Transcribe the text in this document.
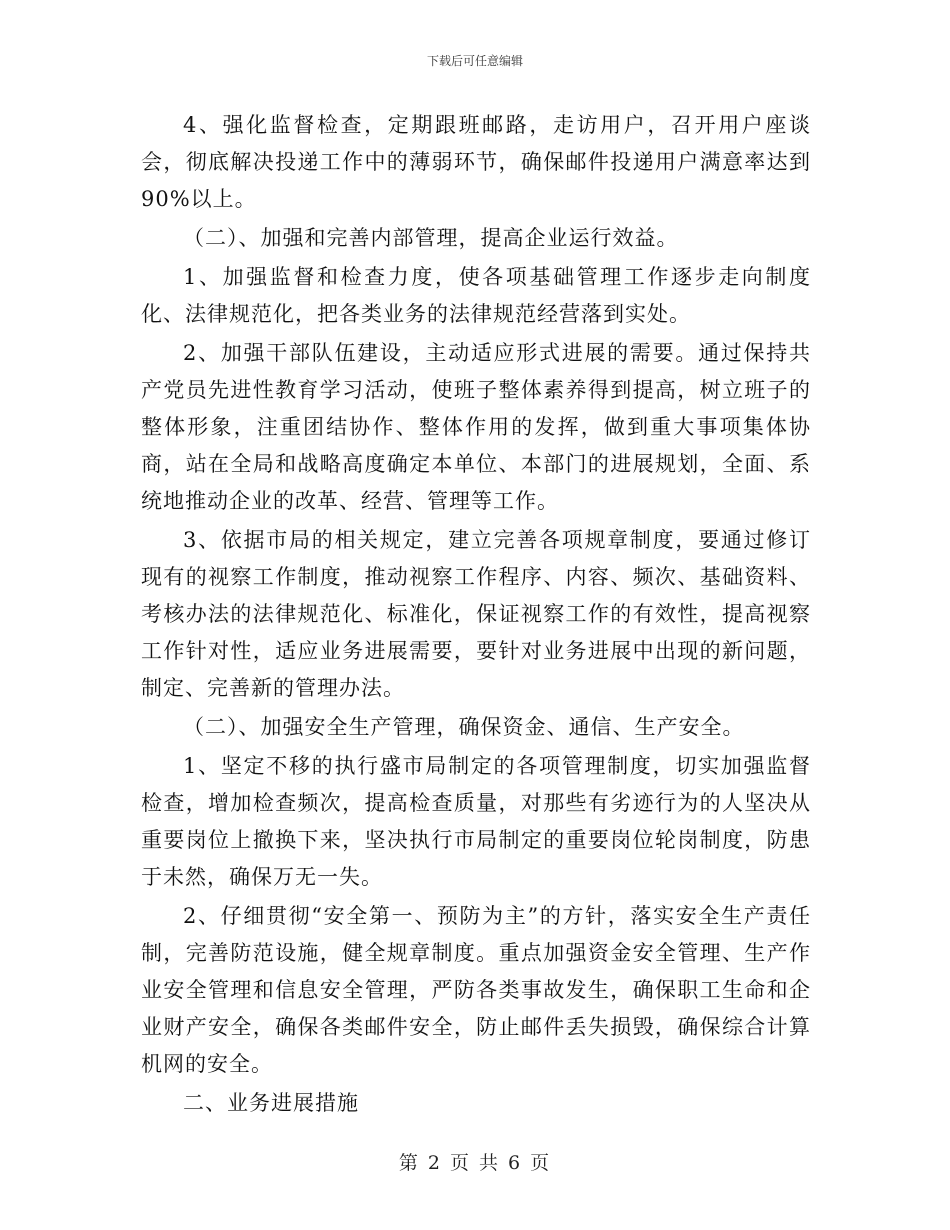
下载后可任意编辑

4、强化监督检查，定期跟班邮路，走访用户，召开用户座谈会，彻底解决投递工作中的薄弱环节，确保邮件投递用户满意率达到90%以上。

（二）、加强和完善内部管理，提高企业运行效益。

1、加强监督和检查力度，使各项基础管理工作逐步走向制度化、法律规范化，把各类业务的法律规范经营落到实处。

2、加强干部队伍建设，主动适应形式进展的需要。通过保持共产党员先进性教育学习活动，使班子整体素养得到提高，树立班子的整体形象，注重团结协作、整体作用的发挥，做到重大事项集体协商，站在全局和战略高度确定本单位、本部门的进展规划，全面、系统地推动企业的改革、经营、管理等工作。

3、依据市局的相关规定，建立完善各项规章制度，要通过修订现有的视察工作制度，推动视察工作程序、内容、频次、基础资料、考核办法的法律规范化、标准化，保证视察工作的有效性，提高视察工作针对性，适应业务进展需要，要针对业务进展中出现的新问题，制定、完善新的管理办法。

（二）、加强安全生产管理，确保资金、通信、生产安全。

1、坚定不移的执行盛市局制定的各项管理制度，切实加强监督检查，增加检查频次，提高检查质量，对那些有劣迹行为的人坚决从重要岗位上撤换下来，坚决执行市局制定的重要岗位轮岗制度，防患于未然，确保万无一失。

2、仔细贯彻“安全第一、预防为主”的方针，落实安全生产责任制，完善防范设施，健全规章制度。重点加强资金安全管理、生产作业安全管理和信息安全管理，严防各类事故发生，确保职工生命和企业财产安全，确保各类邮件安全，防止邮件丢失损毁，确保综合计算机网的安全。

二、业务进展措施

第 2 页 共 6 页
